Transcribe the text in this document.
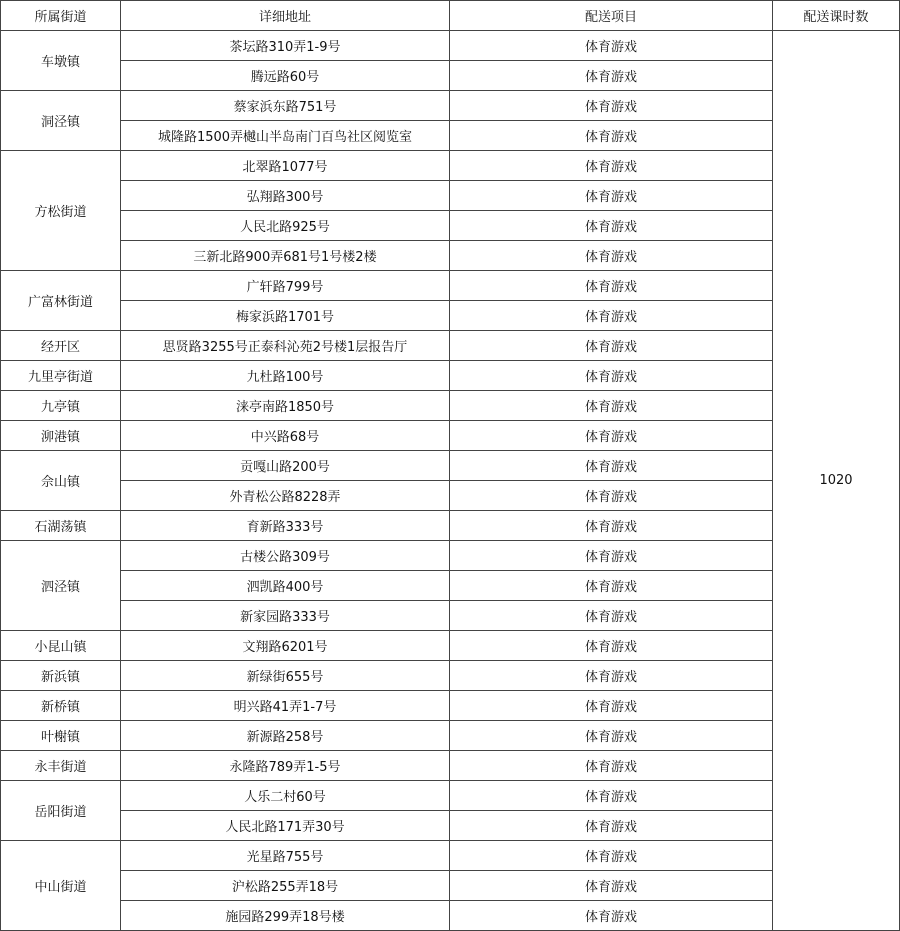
所属街道	详细地址	配送项目	配送课时数
车墩镇	茶坛路310弄1-9号	体育游戏	1020
	腾远路60号	体育游戏	
洞泾镇	蔡家浜东路751号	体育游戏	
	城隆路1500弄樾山半岛南门百鸟社区阅览室	体育游戏	
方松街道	北翠路1077号	体育游戏	
	弘翔路300号	体育游戏	
	人民北路925号	体育游戏	
	三新北路900弄681号1号楼2楼	体育游戏	
广富林街道	广轩路799号	体育游戏	
	梅家浜路1701号	体育游戏	
经开区	思贤路3255号正泰科沁苑2号楼1层报告厅	体育游戏	
九里亭街道	九杜路100号	体育游戏	
九亭镇	涞亭南路1850号	体育游戏	
泖港镇	中兴路68号	体育游戏	
佘山镇	贡嘎山路200号	体育游戏	
	外青松公路8228弄	体育游戏	
石湖荡镇	育新路333号	体育游戏	
泗泾镇	古楼公路309号	体育游戏	
	泗凯路400号	体育游戏	
	新家园路333号	体育游戏	
小昆山镇	文翔路6201号	体育游戏	
新浜镇	新绿街655号	体育游戏	
新桥镇	明兴路41弄1-7号	体育游戏	
叶榭镇	新源路258号	体育游戏	
永丰街道	永隆路789弄1-5号	体育游戏	
岳阳街道	人乐二村60号	体育游戏	
	人民北路171弄30号	体育游戏	
中山街道	光星路755号	体育游戏	
	沪松路255弄18号	体育游戏	
	施园路299弄18号楼	体育游戏	
